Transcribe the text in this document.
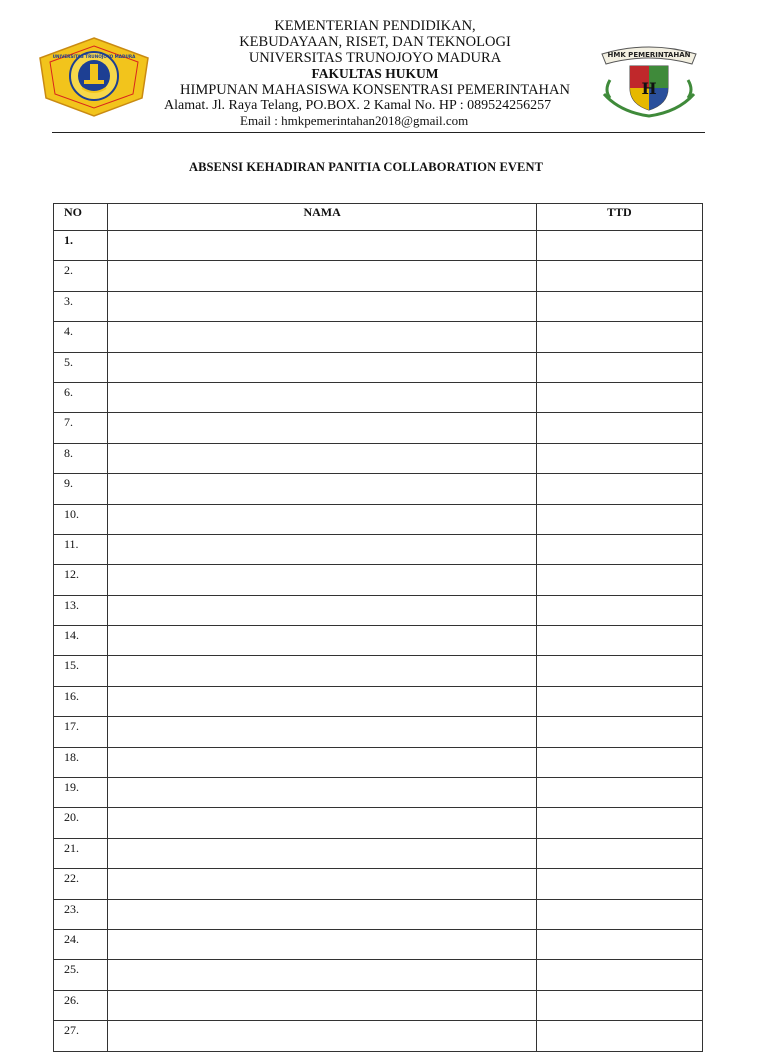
UNIVERSITAS TRUNOJOYO MADURA
KEMENTERIAN PENDIDIKAN,
KEBUDAYAAN, RISET, DAN TEKNOLOGI
UNIVERSITAS TRUNOJOYO MADURA
FAKULTAS HUKUM
HIMPUNAN MAHASISWA KONSENTRASI PEMERINTAHAN
Alamat. Jl. Raya Telang, PO.BOX. 2 Kamal No. HP : 089524256257
Email : hmkpemerintahan2018@gmail.com
HMK PEMERINTAHAN
H
ABSENSI KEHADIRAN PANITIA COLLABORATION EVENT
NO	NAMA	TTD

1.		
2.		
3.		
4.		
5.		
6.		
7.		
8.		
9.		
10.		
11.		
12.		
13.		
14.		
15.		
16.		
17.		
18.		
19.		
20.		
21.		
22.		
23.		
24.		
25.		
26.		
27.		
